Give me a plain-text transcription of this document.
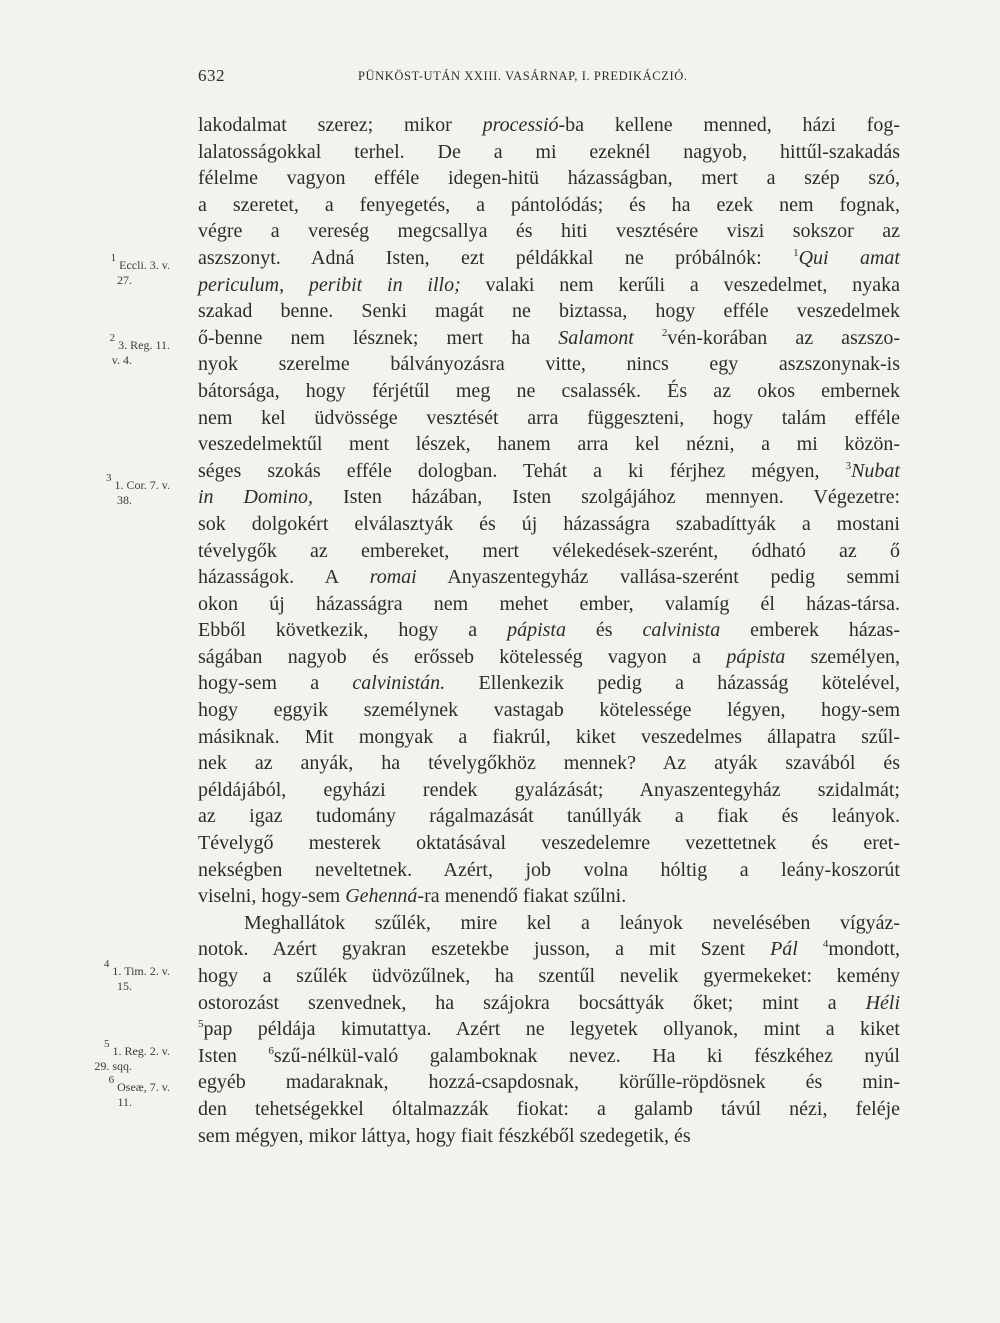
632	PÜNKÖST-UTÁN XXIII. VASÁRNAP, I. PREDIKÁCZIÓ.
lakodalmat szerez; mikor processió-ba kellene menned, házi fog-
lalatosságokkal terhel. De a mi ezeknél nagyob, hittűl-szakadás
félelme vagyon efféle idegen-hitü házasságban, mert a szép szó,
a szeretet, a fenyegetés, a pántolódás; és ha ezek nem fognak,
végre a vereség megcsallya és hiti vesztésére viszi sokszor az
aszszonyt. Adná Isten, ezt példákkal ne próbálnók: $^1$Qui amat
periculum, peribit in illo; valaki nem kerűli a veszedelmet, nyaka
szakad benne. Senki magát ne biztassa, hogy efféle veszedelmek
ő-benne nem lésznek; mert ha Salamont	$^2$vén-korában az aszszo-
nyok szerelme bálványozásra vitte, nincs egy aszszonynak-is
bátorsága, hogy férjétűl meg ne csalassék. És az okos embernek
nem kel üdvössége vesztését arra függeszteni, hogy talám efféle
veszedelmektűl ment lészek, hanem arra kel nézni, a mi közön-
séges szokás efféle dologban. Tehát a ki férjhez mégyen, $^3$Nubat
in Domino, Isten házában, Isten szolgájához mennyen. Végezetre:
sok dolgokért elválasztyák és új házasságra szabadíttyák a mostani
tévelygők az embereket, mert vélekedések-szerént, ódható az ő
házasságok. A romai Anyaszentegyház vallása-szerént pedig semmi
okon új házasságra nem mehet ember, valamíg él házas-társa.
Ebből következik, hogy a pápista és calvinista emberek házas-
ságában nagyob és erősseb kötelesség vagyon a pápista személyen,
hogy-sem a calvinistán. Ellenkezik pedig a házasság kötelével,
hogy eggyik személynek vastagab kötelessége légyen, hogy-sem
másiknak. Mit mongyak a fiakrúl, kiket veszedelmes állapatra szűl-
nek az anyák, ha tévelygőkhöz mennek? Az atyák szavából és
példájából, egyházi rendek gyalázását; Anyaszentegyház szidalmát;
az igaz tudomány rágalmazását tanúllyák a fiak és leányok.
Tévelygő mesterek oktatásával veszedelemre vezettetnek és eret-
nekségben neveltetnek. Azért, job volna hóltig a leány-koszorút
viselni, hogy-sem Gehenná-ra menendő fiakat szűlni.
Meghallátok szűlék, mire kel a leányok nevelésében vígyáz-
notok. Azért gyakran eszetekbe jusson, a mit Szent Pál $^4$mondott,
hogy a szűlék üdvözűlnek, ha szentűl nevelik gyermekeket: kemény
ostorozást szenvednek, ha szájokra bocsáttyák őket; mint a Héli
$^5$pap példája kimutattya. Azért ne legyetek ollyanok, mint a kiket
Isten $^6$szű-nélkül-való galamboknak nevez. Ha ki fészkéhez nyúl
egyéb madaraknak, hozzá-csapdosnak, körűlle-röpdösnek és min-
den tehetségekkel óltalmazzák fiokat: a galamb távúl nézi, feléje
sem mégyen, mikor láttya, hogy fiait fészkéből szedegetik, és
$^1$ Eccli. 3. v.
27.
$^2$ 3. Reg. 11.
v. 4.
$^3$ 1. Cor. 7. v.
38.
$^4$ 1. Tim. 2. v.
15.
$^5$ 1. Reg. 2. v.
29. sqq.
$^6$ Oseæ, 7. v.
11.
